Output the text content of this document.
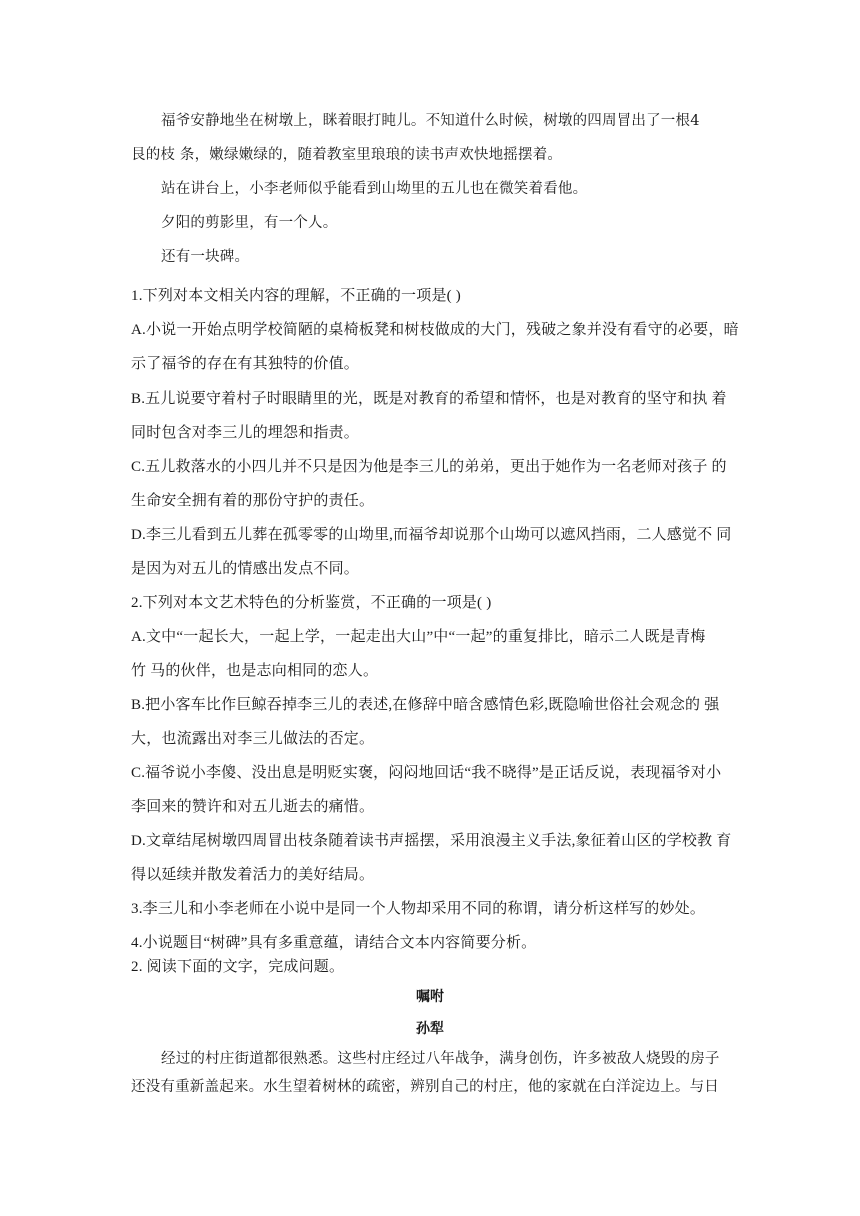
福爷安静地坐在树墩上，眯着眼打盹儿。不知道什么时候，树墩的四周冒出了一根4

艮的枝 条，嫩绿嫩绿的，随着教室里琅琅的读书声欢快地摇摆着。

站在讲台上，小李老师似乎能看到山坳里的五儿也在微笑着看他。

夕阳的剪影里，有一个人。

还有一块碑。

1.下列对本文相关内容的理解，不正确的一项是( )

A.小说一开始点明学校简陋的桌椅板凳和树枝做成的大门，残破之象并没有看守的必要，暗

示了福爷的存在有其独特的价值。

B.五儿说要守着村子时眼睛里的光，既是对教育的希望和情怀，也是对教育的坚守和执 着

同时包含对李三儿的埋怨和指责。

C.五儿救落水的小四儿并不只是因为他是李三儿的弟弟，更出于她作为一名老师对孩子 的

生命安全拥有着的那份守护的责任。

D.李三儿看到五儿葬在孤零零的山坳里,而福爷却说那个山坳可以遮风挡雨，二人感觉不 同

是因为对五儿的情感出发点不同。

2.下列对本文艺术特色的分析鉴赏，不正确的一项是( )

A.文中“一起长大，一起上学，一起走出大山”中“一起”的重复排比，暗示二人既是青梅

竹 马的伙伴，也是志向相同的恋人。

B.把小客车比作巨鲸吞掉李三儿的表述,在修辞中暗含感情色彩,既隐喻世俗社会观念的 强

大，也流露出对李三儿做法的否定。

C.福爷说小李傻、没出息是明贬实褒，闷闷地回话“我不晓得”是正话反说，表现福爷对小

李回来的赞许和对五儿逝去的痛惜。

D.文章结尾树墩四周冒出枝条随着读书声摇摆，采用浪漫主义手法,象征着山区的学校教 育

得以延续并散发着活力的美好结局。

3.李三儿和小李老师在小说中是同一个人物却采用不同的称谓，请分析这样写的妙处。

4.小说题目“树碑”具有多重意蕴，请结合文本内容简要分析。

2. 阅读下面的文字，完成问题。

嘱咐

孙犁

经过的村庄街道都很熟悉。这些村庄经过八年战争，满身创伤，许多被敌人烧毁的房子

还没有重新盖起来。水生望着树林的疏密，辨别自己的村庄，他的家就在白洋淀边上。与日
